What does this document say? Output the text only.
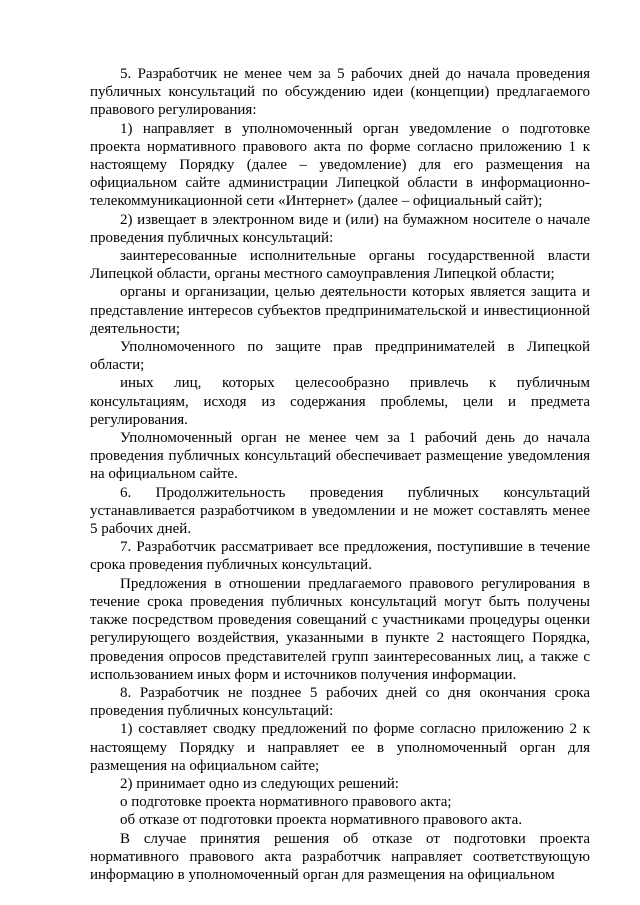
5. Разработчик не менее чем за 5 рабочих дней до начала проведения публичных консультаций по обсуждению идеи (концепции) предлагаемого правового регулирования:

1) направляет в уполномоченный орган уведомление о подготовке проекта нормативного правового акта по форме согласно приложению 1 к настоящему Порядку (далее – уведомление) для его размещения на официальном сайте администрации Липецкой области в информационно-телекоммуникационной сети «Интернет» (далее – официальный сайт);

2) извещает в электронном виде и (или) на бумажном носителе о начале проведения публичных консультаций:

заинтересованные исполнительные органы государственной власти Липецкой области, органы местного самоуправления Липецкой области;

органы и организации, целью деятельности которых является защита и представление интересов субъектов предпринимательской и инвестиционной деятельности;

Уполномоченного по защите прав предпринимателей в Липецкой области;

иных лиц, которых целесообразно привлечь к публичным консультациям, исходя из содержания проблемы, цели и предмета регулирования.

Уполномоченный орган не менее чем за 1 рабочий день до начала проведения публичных консультаций обеспечивает размещение уведомления на официальном сайте.

6. Продолжительность проведения публичных консультаций устанавливается разработчиком в уведомлении и не может составлять менее 5 рабочих дней.

7. Разработчик рассматривает все предложения, поступившие в течение срока проведения публичных консультаций.

Предложения в отношении предлагаемого правового регулирования в течение срока проведения публичных консультаций могут быть получены также посредством проведения совещаний с участниками процедуры оценки регулирующего воздействия, указанными в пункте 2 настоящего Порядка, проведения опросов представителей групп заинтересованных лиц, а также с использованием иных форм и источников получения информации.

8. Разработчик не позднее 5 рабочих дней со дня окончания срока проведения публичных консультаций:

1) составляет сводку предложений по форме согласно приложению 2 к настоящему Порядку и направляет ее в уполномоченный орган для размещения на официальном сайте;

2) принимает одно из следующих решений:

о подготовке проекта нормативного правового акта;

об отказе от подготовки проекта нормативного правового акта.

В случае принятия решения об отказе от подготовки проекта нормативного правового акта разработчик направляет соответствующую информацию в уполномоченный орган для размещения на официальном
